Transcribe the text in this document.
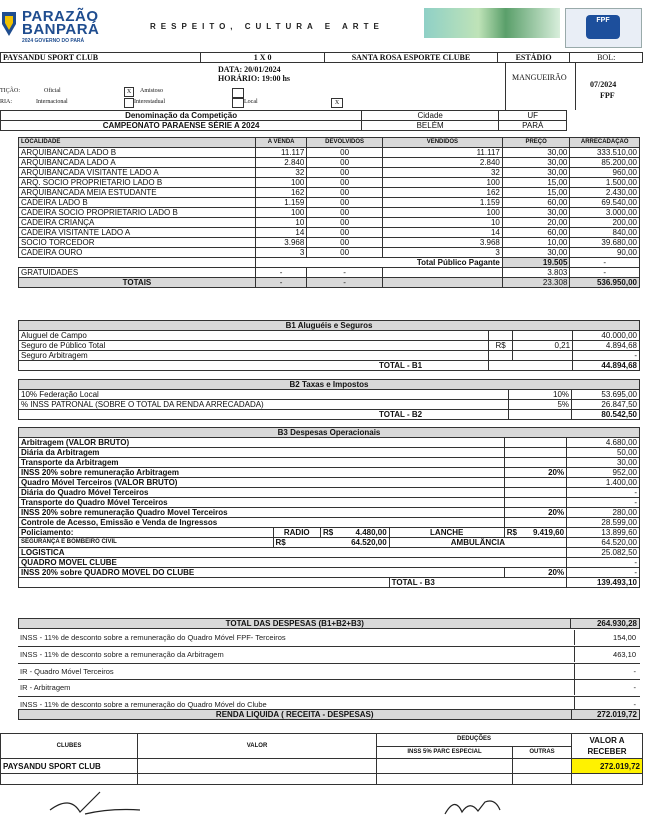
PARAZÃO
BANPARÁ
2024 GOVERNO DO PARÁ
RESPEITO, CULTURA E ARTE
FPF
PAYSANDU SPORT CLUB	1 X 0	SANTA ROSA ESPORTE CLUBE	ESTÁDIO	BOL:
DATA: 20/01/2024
HORÁRIO: 19:00 hs	MANGUEIRÃO
07/2024
FPF
TIÇÃO:	Oficial	X	Amistoso
RIA:	Internacional	Interestadual	Local	X
Denominação da Competição	Cidade	UF	
CAMPEONATO PARAENSE SÉRIE A 2024	BELÉM	PARÁ	
LOCALIDADE	A VENDA	DEVOLVIDOS	VENDIDOS	PREÇO	ARRECADAÇÃO
ARQUIBANCADA LADO B	11.117	00	11.117	30,00	333.510,00
ARQUIBANCADA LADO A	2.840	00	2.840	30,00	85.200,00
ARQUIBANCADA VISITANTE LADO A	32	00	32	30,00	960,00
ARQ. SOCIO PROPRIETARIO LADO B	100	00	100	15,00	1.500,00
ARQUIBANCADA MEIA ESTUDANTE	162	00	162	15,00	2.430,00
CADEIRA LADO B	1.159	00	1.159	60,00	69.540,00
CADEIRA SOCIO PROPRIETARIO LADO B	100	00	100	30,00	3.000,00
CADEIRA CRIANÇA	10	00	10	20,00	200,00
CADEIRA VISITANTE LADO A	14	00	14	60,00	840,00
SOCIO TORCEDOR	3.968	00	3.968	10,00	39.680,00
CADEIRA OURO	3	00	3	30,00	90,00
	Total Público Pagante			19.505	-
GRATUIDADES	-	-		3.803	-
TOTAIS	-	-		23.308	536.950,00
B1 Aluguéis e Seguros			
Aluguel de Campo			40.000,00
Seguro de Público Total	R$	0,21	4.894,68
Seguro Arbitragem			-
TOTAL - B1			44.894,68
B2 Taxas e Impostos		
10% Federação Local	10%	53.695,00
% INSS PATRONAL (SOBRE O TOTAL DA RENDA ARRECADADA)	5%	26.847,50
TOTAL - B2		80.542,50
B3 Despesas Operacionais					
Arbitragem (VALOR BRUTO)					4.680,00
Diária da Arbitragem					50,00
Transporte da Arbitragem					30,00
INSS 20% sobre remuneração Arbitragem				20%	952,00
Quadro Móvel Terceiros (VALOR BRUTO)					1.400,00
Diária do Quadro Móvel Terceiros					-
Transporte do Quadro Móvel Terceiros					-
INSS 20% sobre remuneração Quadro Movel Terceiros				20%	280,00
Controle de Acesso, Emissão e Venda de Ingressos					28.599,00
Policiamento:	RADIO	R$ 4.480,00	LANCHE	R$ 9.419,60	13.899,60
SEGURANÇA E BOMBEIRO CIVIL	R$ 64.520,00		AMBULÂNCIA		64.520,00
LOGISTICA					25.082,50
QUADRO MOVEL CLUBE					-
INSS 20% sobre QUADRO MOVEL DO CLUBE				20%	-
			TOTAL - B3		139.493,10
TOTAL DAS DESPESAS (B1+B2+B3)	264.930,28
INSS - 11% de desconto sobre a remuneração do Quadro Móvel FPF- Terceiros	154,00
INSS - 11% de desconto sobre a remuneração da Arbitragem	463,10
IR - Quadro Móvel Terceiros	-
IR - Arbitragem	-
INSS - 11% de desconto sobre a remuneração do Quadro Móvel do Clube	-
RENDA LIQUIDA ( RECEITA - DESPESAS)	272.019,72
CLUBES	VALOR	DEDUÇÕES		VALOR A
RECEBER

		INSS 5% PARC ESPECIAL	OUTRAS	
PAYSANDU SPORT CLUB				272.019,72
